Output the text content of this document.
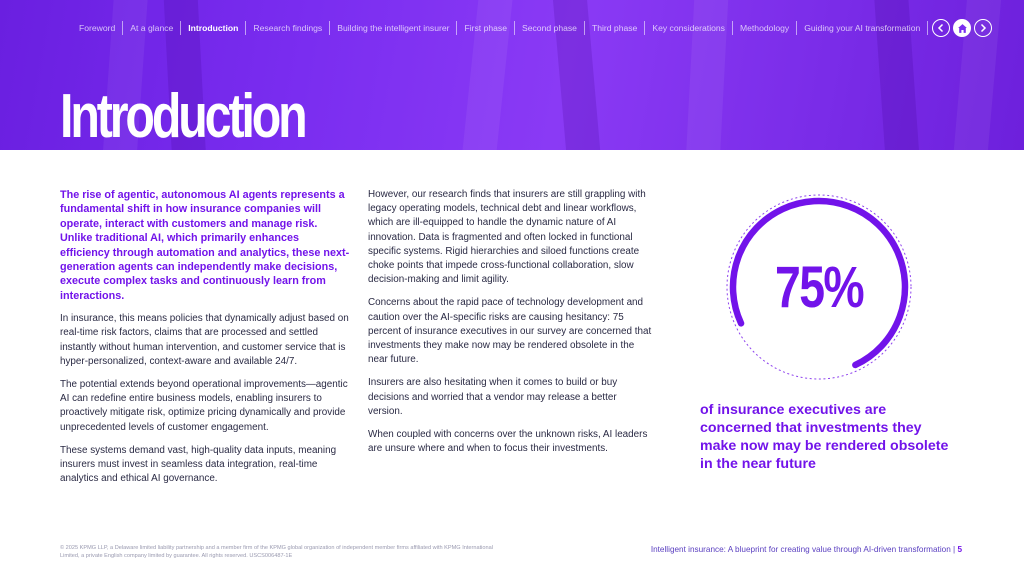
Foreword	At a glance	Introduction	Research findings	Building the intelligent insurer	First phase	Second phase	Third phase	Key considerations	Methodology	Guiding your AI transformation
Introduction

The rise of agentic, autonomous AI agents represents a fundamental shift in how insurance companies will operate, interact with customers and manage risk. Unlike traditional AI, which primarily enhances efficiency through automation and analytics, these next-generation agents can independently make decisions, execute complex tasks and continuously learn from interactions.

In insurance, this means policies that dynamically adjust based on real-time risk factors, claims that are processed and settled instantly without human intervention, and customer service that is hyper-personalized, context-aware and available 24/7.

The potential extends beyond operational improvements—agentic AI can redefine entire business models, enabling insurers to proactively mitigate risk, optimize pricing dynamically and provide unprecedented levels of customer engagement.

These systems demand vast, high-quality data inputs, meaning insurers must invest in seamless data integration, real-time analytics and ethical AI governance.

However, our research finds that insurers are still grappling with legacy operating models, technical debt and linear workflows, which are ill-equipped to handle the dynamic nature of AI innovation. Data is fragmented and often locked in functional specific systems. Rigid hierarchies and siloed functions create choke points that impede cross-functional collaboration, slow decision-making and limit agility.

Concerns about the rapid pace of technology development and caution over the AI-specific risks are causing hesitancy: 75 percent of insurance executives in our survey are concerned that investments they make now may be rendered obsolete in the near future.

Insurers are also hesitating when it comes to build or buy decisions and worried that a vendor may release a better version.

When coupled with concerns over the unknown risks, AI leaders are unsure where and when to focus their investments.

75%
of insurance executives are concerned that investments they make now may be rendered obsolete in the near future
© 2025 KPMG LLP, a Delaware limited liability partnership and a member firm of the KPMG global organization of independent member firms affiliated with KPMG International Limited, a private English company limited by guarantee. All rights reserved. USCS006487-1E
Intelligent insurance: A blueprint for creating value through AI-driven transformation | 5
